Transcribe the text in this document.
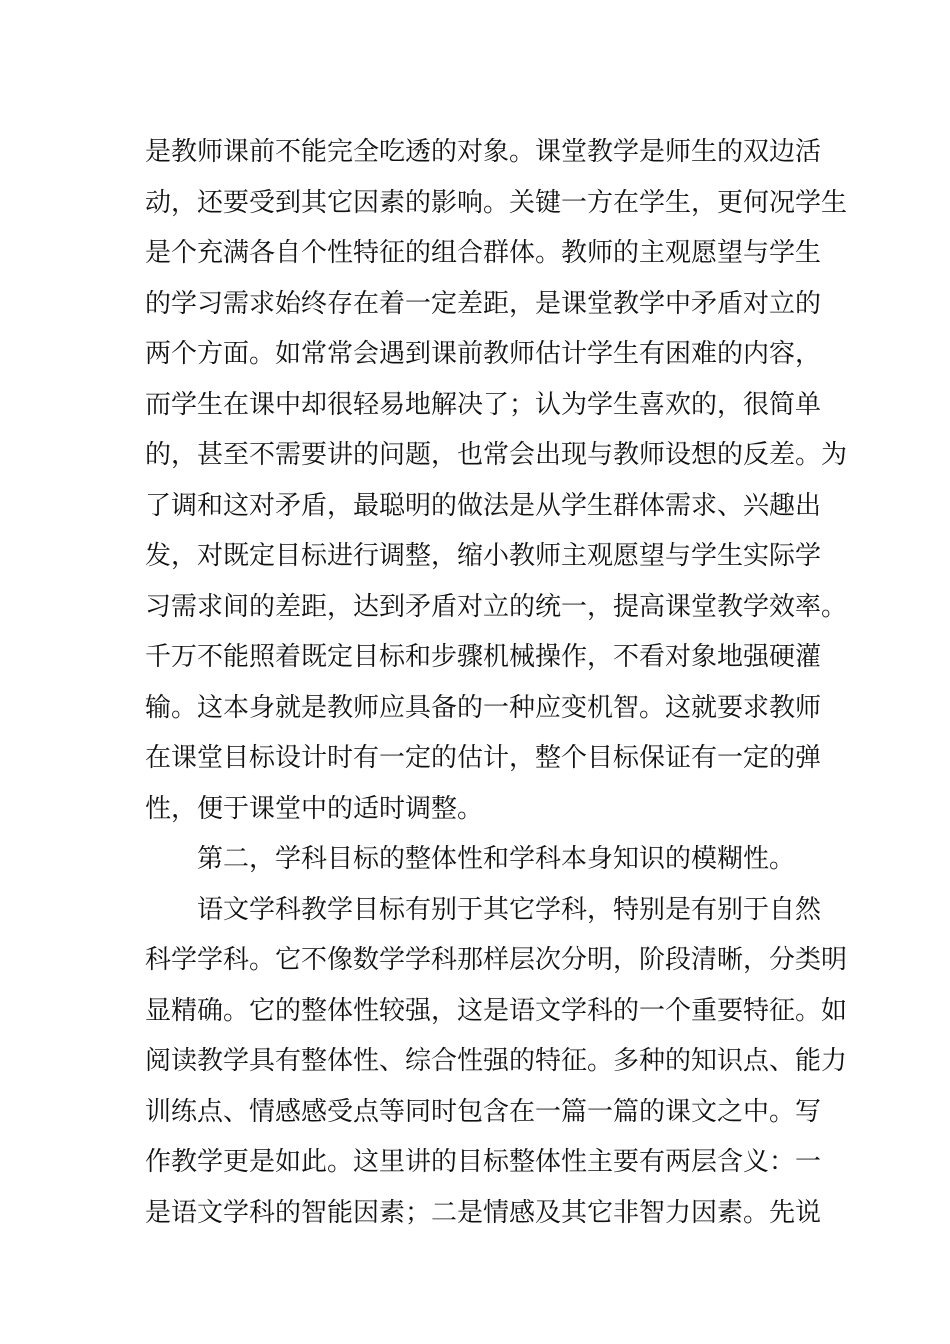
是教师课前不能完全吃透的对象。课堂教学是师生的双边活
动，还要受到其它因素的影响。关键一方在学生，更何况学生
是个充满各自个性特征的组合群体。教师的主观愿望与学生
的学习需求始终存在着一定差距，是课堂教学中矛盾对立的
两个方面。如常常会遇到课前教师估计学生有困难的内容，
而学生在课中却很轻易地解决了；认为学生喜欢的，很简单
的，甚至不需要讲的问题，也常会出现与教师设想的反差。为
了调和这对矛盾，最聪明的做法是从学生群体需求、兴趣出
发，对既定目标进行调整，缩小教师主观愿望与学生实际学
习需求间的差距，达到矛盾对立的统一，提高课堂教学效率。
千万不能照着既定目标和步骤机械操作，不看对象地强硬灌
输。这本身就是教师应具备的一种应变机智。这就要求教师
在课堂目标设计时有一定的估计，整个目标保证有一定的弹
性，便于课堂中的适时调整。
第二，学科目标的整体性和学科本身知识的模糊性。
语文学科教学目标有别于其它学科，特别是有别于自然
科学学科。它不像数学学科那样层次分明，阶段清晰，分类明
显精确。它的整体性较强，这是语文学科的一个重要特征。如
阅读教学具有整体性、综合性强的特征。多种的知识点、能力
训练点、情感感受点等同时包含在一篇一篇的课文之中。写
作教学更是如此。这里讲的目标整体性主要有两层含义：一
是语文学科的智能因素；二是情感及其它非智力因素。先说
